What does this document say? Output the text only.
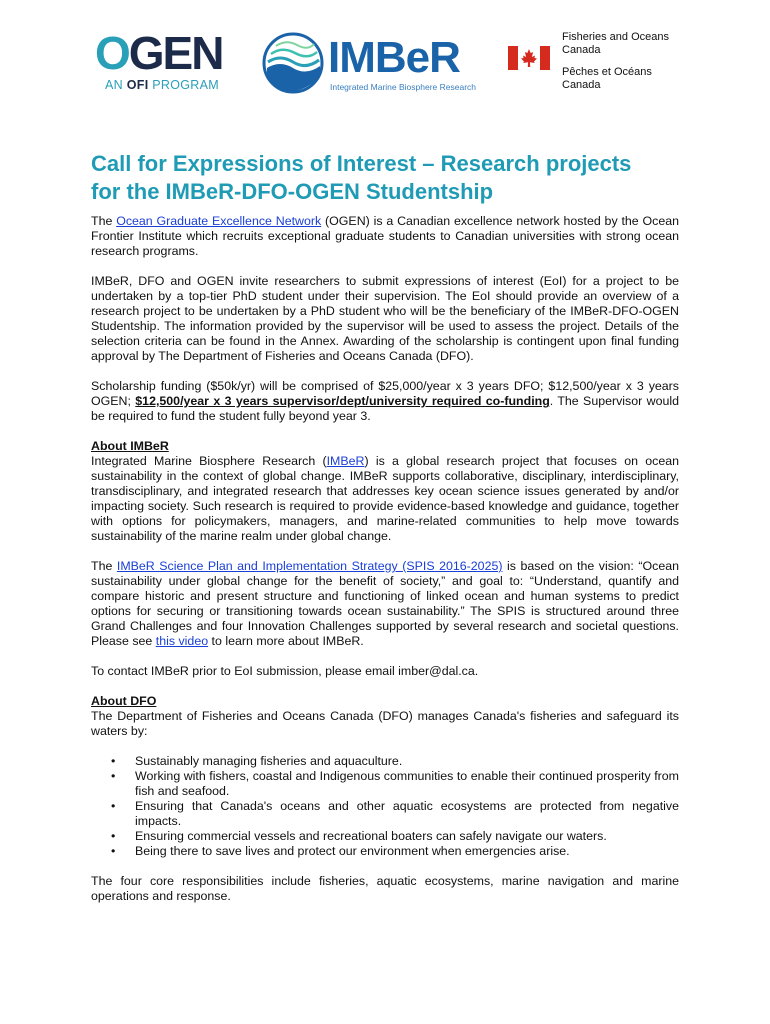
OGEN
AN OFI PROGRAM
IMBeR
Integrated Marine Biosphere Research
Fisheries and Oceans
Canada
Pêches et Océans
Canada
Call for Expressions of Interest – Research projects
for the IMBeR-DFO-OGEN Studentship

The Ocean Graduate Excellence Network (OGEN) is a Canadian excellence network hosted by the Ocean Frontier Institute which recruits exceptional graduate students to Canadian universities with strong ocean research programs.

IMBeR, DFO and OGEN invite researchers to submit expressions of interest (EoI) for a project to be undertaken by a top-tier PhD student under their supervision. The EoI should provide an overview of a research project to be undertaken by a PhD student who will be the beneficiary of the IMBeR-DFO-OGEN Studentship. The information provided by the supervisor will be used to assess the project. Details of the selection criteria can be found in the Annex. Awarding of the scholarship is contingent upon final funding approval by The Department of Fisheries and Oceans Canada (DFO).

Scholarship funding ($50k/yr) will be comprised of $25,000/year x 3 years DFO; $12,500/year x 3 years OGEN; $12,500/year x 3 years supervisor/dept/university required co-funding. The Supervisor would be required to fund the student fully beyond year 3.

About IMBeR

Integrated Marine Biosphere Research (IMBeR) is a global research project that focuses on ocean sustainability in the context of global change. IMBeR supports collaborative, disciplinary, interdisciplinary, transdisciplinary, and integrated research that addresses key ocean science issues generated by and/or impacting society. Such research is required to provide evidence-based knowledge and guidance, together with options for policymakers, managers, and marine-related communities to help move towards sustainability of the marine realm under global change.

The IMBeR Science Plan and Implementation Strategy (SPIS 2016-2025) is based on the vision: “Ocean sustainability under global change for the benefit of society,” and goal to: “Understand, quantify and compare historic and present structure and functioning of linked ocean and human systems to predict options for securing or transitioning towards ocean sustainability.” The SPIS is structured around three Grand Challenges and four Innovation Challenges supported by several research and societal questions. Please see this video to learn more about IMBeR.

To contact IMBeR prior to EoI submission, please email imber@dal.ca.

About DFO

The Department of Fisheries and Oceans Canada (DFO) manages Canada's fisheries and safeguard its waters by:

• Sustainably managing fisheries and aquaculture.
• Working with fishers, coastal and Indigenous communities to enable their continued prosperity from fish and seafood.
• Ensuring that Canada's oceans and other aquatic ecosystems are protected from negative impacts.
• Ensuring commercial vessels and recreational boaters can safely navigate our waters.
• Being there to save lives and protect our environment when emergencies arise.

The four core responsibilities include fisheries, aquatic ecosystems, marine navigation and marine operations and response.
